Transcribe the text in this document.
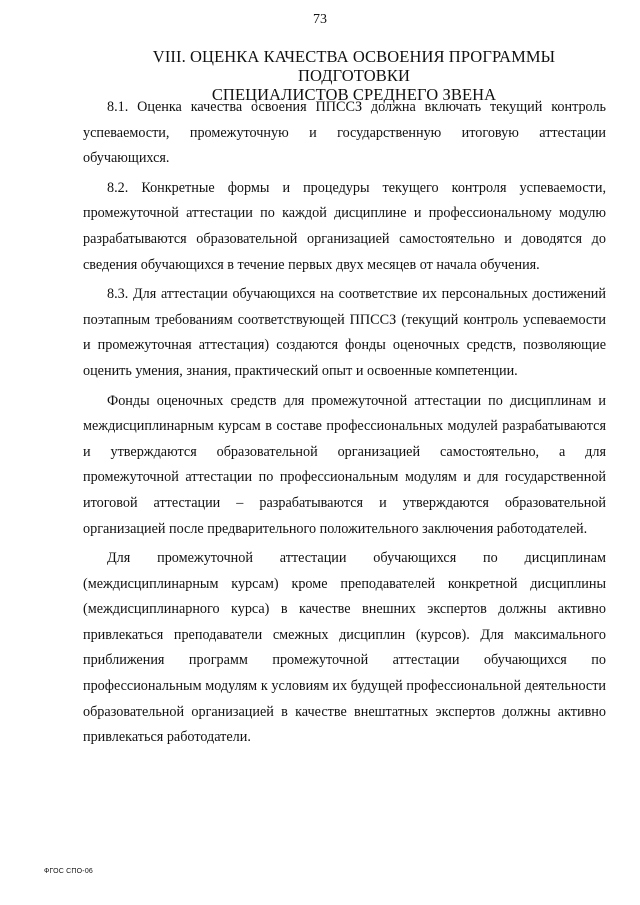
73
VIII. ОЦЕНКА КАЧЕСТВА ОСВОЕНИЯ ПРОГРАММЫ ПОДГОТОВКИ
СПЕЦИАЛИСТОВ СРЕДНЕГО ЗВЕНА

8.1. Оценка качества освоения ППССЗ должна включать текущий контроль успеваемости, промежуточную и государственную итоговую аттестации обучающихся.

8.2. Конкретные формы и процедуры текущего контроля успеваемости, промежуточной аттестации по каждой дисциплине и профессиональному модулю разрабатываются образовательной организацией самостоятельно и доводятся до сведения обучающихся в течение первых двух месяцев от начала обучения.

8.3. Для аттестации обучающихся на соответствие их персональных достижений поэтапным требованиям соответствующей ППССЗ (текущий контроль успеваемости и промежуточная аттестация) создаются фонды оценочных средств, позволяющие оценить умения, знания, практический опыт и освоенные компетенции.

Фонды оценочных средств для промежуточной аттестации по дисциплинам и междисциплинарным курсам в составе профессиональных модулей разрабатываются и утверждаются образовательной организацией самостоятельно, а для промежуточной аттестации по профессиональным модулям и для государственной итоговой аттестации – разрабатываются и утверждаются образовательной организацией после предварительного положительного заключения работодателей.

Для промежуточной аттестации обучающихся по дисциплинам (междисциплинарным курсам) кроме преподавателей конкретной дисциплины (междисциплинарного курса) в качестве внешних экспертов должны активно привлекаться преподаватели смежных дисциплин (курсов). Для максимального приближения программ промежуточной аттестации обучающихся по профессиональным модулям к условиям их будущей профессиональной деятельности образовательной организацией в качестве внештатных экспертов должны активно привлекаться работодатели.

ФГОС СПО-06
